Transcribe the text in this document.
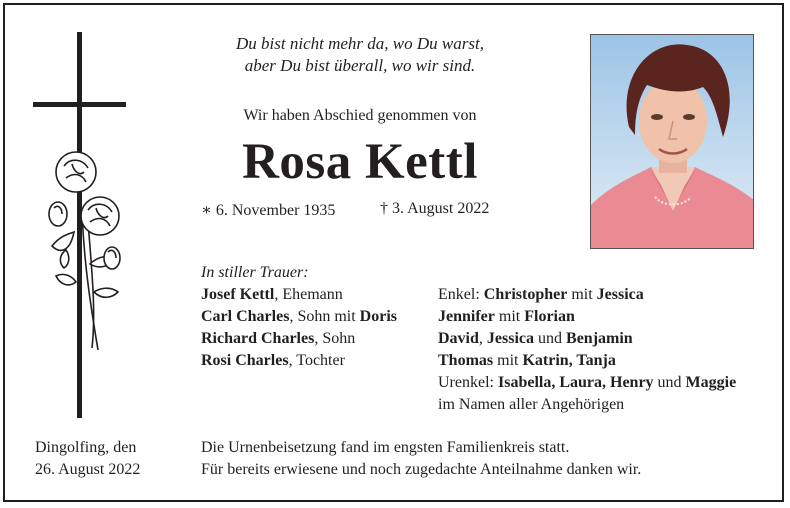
Du bist nicht mehr da, wo Du warst,
aber Du bist überall, wo wir sind.
Wir haben Abschied genommen von
Rosa Kettl
∗ 6. November 1935	† 3. August 2022
In stiller Trauer:
Josef Kettl, Ehemann
Carl Charles, Sohn mit Doris
Richard Charles, Sohn
Rosi Charles, Tochter
Enkel: Christopher mit Jessica
Jennifer mit Florian
David, Jessica und Benjamin
Thomas mit Katrin, Tanja
Urenkel: Isabella, Laura, Henry und Maggie
im Namen aller Angehörigen
Dingolfing, den
26. August 2022
Die Urnenbeisetzung fand im engsten Familienkreis statt.
Für bereits erwiesene und noch zugedachte Anteilnahme danken wir.
